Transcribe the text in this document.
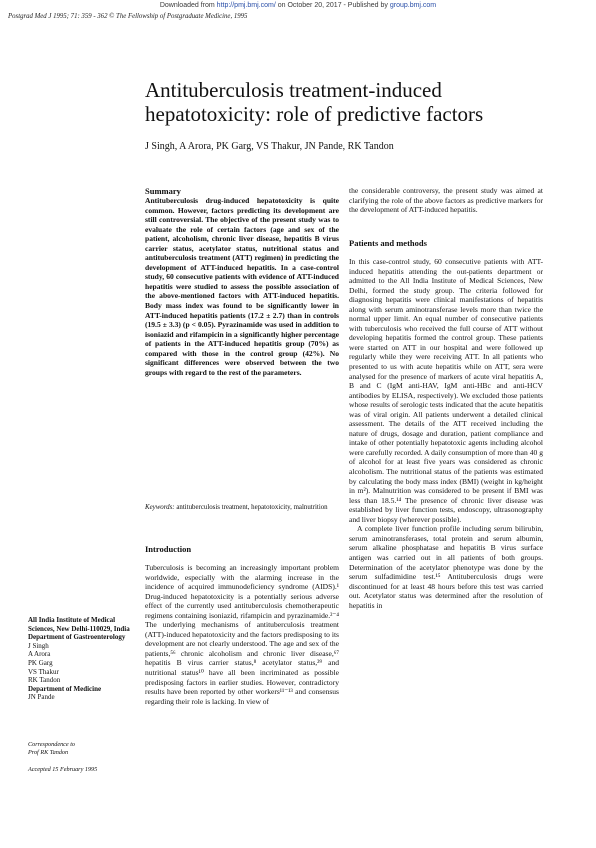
Downloaded from http://pmj.bmj.com/ on October 20, 2017 - Published by group.bmj.com
Postgrad Med J 1995; 71: 359 - 362 © The Fellowship of Postgraduate Medicine, 1995
Antituberculosis treatment-induced hepatotoxicity: role of predictive factors
J Singh, A Arora, PK Garg, VS Thakur, JN Pande, RK Tandon
Summary

Antituberculosis drug-induced hepatotoxicity is quite common. However, factors predicting its development are still controversial. The objective of the present study was to evaluate the role of certain factors (age and sex of the patient, alcoholism, chronic liver disease, hepatitis B virus carrier status, acetylator status, nutritional status and antituberculosis treatment (ATT) regimen) in predicting the development of ATT-induced hepatitis. In a case-control study, 60 consecutive patients with evidence of ATT-induced hepatitis were studied to assess the possible association of the above-mentioned factors with ATT-induced hepatitis. Body mass index was found to be significantly lower in ATT-induced hepatitis patients (17.2 ± 2.7) than in controls (19.5 ± 3.3) (p < 0.05). Pyrazinamide was used in addition to isoniazid and rifampicin in a significantly higher percentage of patients in the ATT-induced hepatitis group (70%) as compared with those in the control group (42%). No significant differences were observed between the two groups with regard to the rest of the parameters.

Keywords: antituberculosis treatment, hepatotoxicity, malnutrition
Introduction

Tuberculosis is becoming an increasingly important problem worldwide, especially with the alarming increase in the incidence of acquired immunodeficiency syndrome (AIDS).¹ Drug-induced hepatotoxicity is a potentially serious adverse effect of the currently used antituberculosis chemotherapeutic regimens containing isoniazid, rifampicin and pyrazinamide.²⁻⁴ The underlying mechanisms of antituberculosis treatment (ATT)-induced hepatotoxicity and the factors predisposing to its development are not clearly understood. The age and sex of the patients,⁵⁶ chronic alcoholism and chronic liver disease,⁶⁷ hepatitis B virus carrier status,⁸ acetylator status,²⁹ and nutritional status¹⁰ have all been incriminated as possible predisposing factors in earlier studies. However, contradictory results have been reported by other workers¹¹⁻¹³ and consensus regarding their role is lacking. In view of

the considerable controversy, the present study was aimed at clarifying the role of the above factors as predictive markers for the development of ATT-induced hepatitis.

Patients and methods

In this case-control study, 60 consecutive patients with ATT-induced hepatitis attending the out-patients department or admitted to the All India Institute of Medical Sciences, New Delhi, formed the study group. The criteria followed for diagnosing hepatitis were clinical manifestations of hepatitis along with serum aminotransferase levels more than twice the normal upper limit. An equal number of consecutive patients with tuberculosis who received the full course of ATT without developing hepatitis formed the control group. These patients were started on ATT in our hospital and were followed up regularly while they were receiving ATT. In all patients who presented to us with acute hepatitis while on ATT, sera were analysed for the presence of markers of acute viral hepatitis A, B and C (IgM anti-HAV, IgM anti-HBc and anti-HCV antibodies by ELISA, respectively). We excluded those patients whose results of serologic tests indicated that the acute hepatitis was of viral origin. All patients underwent a detailed clinical assessment. The details of the ATT received including the nature of drugs, dosage and duration, patient compliance and intake of other potentially hepatotoxic agents including alcohol were carefully recorded. A daily consumption of more than 40 g of alcohol for at least five years was considered as chronic alcoholism. The nutritional status of the patients was estimated by calculating the body mass index (BMI) (weight in kg/height in m²). Malnutrition was considered to be present if BMI was less than 18.5.¹⁴ The presence of chronic liver disease was established by liver function tests, endoscopy, ultrasonography and liver biopsy (wherever possible).

A complete liver function profile including serum bilirubin, serum aminotransferases, total protein and serum albumin, serum alkaline phosphatase and hepatitis B virus surface antigen was carried out in all patients of both groups. Determination of the acetylator phenotype was done by the serum sulfadimidine test.¹⁵ Antituberculosis drugs were discontinued for at least 48 hours before this test was carried out. Acetylator status was determined after the resolution of hepatitis in

All India Institute of Medical Sciences, New Delhi-110029, India
Department of Gastroenterology
J Singh
A Arora
PK Garg
VS Thakur
RK Tandon
Department of Medicine
JN Pande
Correspondence to
Prof RK Tandon
Accepted 15 February 1995
